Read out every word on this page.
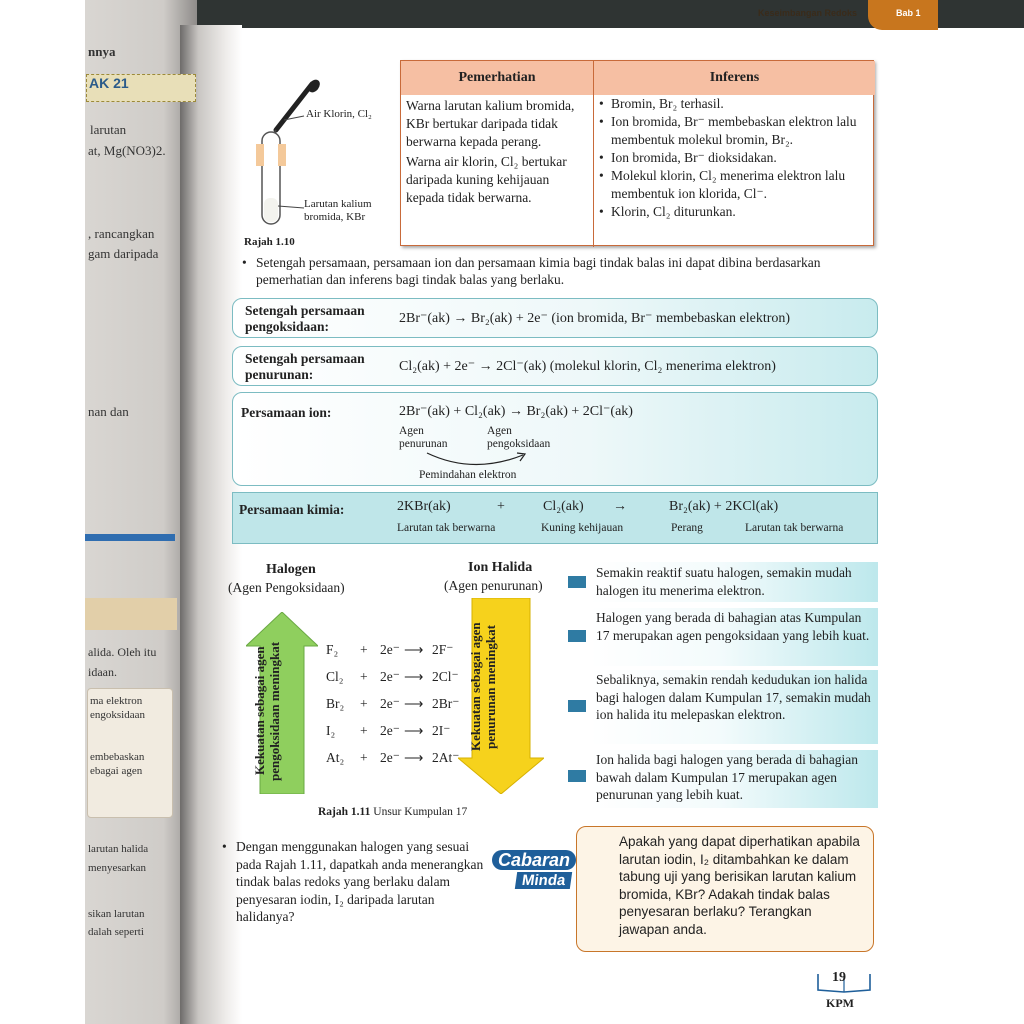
nnya
AK 21
larutan
at, Mg(NO3)2.
, rancangkan
gam daripada
nan dan
alida. Oleh itu
idaan.
ma elektron
engoksidaan
embebaskan
ebagai agen
larutan halida
menyesarkan
sikan larutan
dalah seperti
Keseimbangan Redoks	Bab 1
Air Klorin, Cl₂
Larutan kalium bromida, KBr
Rajah 1.10
Pemerhatian	Inferens
Warna larutan kalium bromida, KBr bertukar daripada tidak berwarna kepada perang.
Warna air klorin, Cl₂ bertukar daripada kuning kehijauan kepada tidak berwarna.
• Bromin, Br₂ terhasil.
• Ion bromida, Br⁻ membebaskan elektron lalu membentuk molekul bromin, Br₂.
• Ion bromida, Br⁻ dioksidakan.
• Molekul klorin, Cl₂ menerima elektron lalu membentuk ion klorida, Cl⁻.
• Klorin, Cl₂ diturunkan.
• Setengah persamaan, persamaan ion dan persamaan kimia bagi tindak balas ini dapat dibina berdasarkan pemerhatian dan inferens bagi tindak balas yang berlaku.
Setengah persamaan pengoksidaan:
2Br⁻(ak) → Br₂(ak) + 2e⁻ (ion bromida, Br⁻ membebaskan elektron)
Setengah persamaan penurunan:
Cl₂(ak) + 2e⁻ → 2Cl⁻(ak) (molekul klorin, Cl₂ menerima elektron)
Persamaan ion:	2Br⁻(ak) + Cl₂(ak) → Br₂(ak) + 2Cl⁻(ak)
Agen penurunan
Agen pengoksidaan
Pemindahan elektron
Persamaan kimia:	2KBr(ak)	+	Cl₂(ak) →	Br₂(ak) + 2KCl(ak)
Larutan tak berwarna	Kuning kehijauan	Perang	Larutan tak berwarna
Halogen
(Agen Pengoksidaan)
Ion Halida
(Agen penurunan)
Kekuatan sebagai agen pengoksidaan meningkat	Kekuatan sebagai agen penurunan meningkat
F₂ + 2e⁻ ⟶ 2F⁻
Cl₂ + 2e⁻ ⟶ 2Cl⁻
Br₂ + 2e⁻ ⟶ 2Br⁻
I₂ + 2e⁻ ⟶ 2I⁻
At₂ + 2e⁻ ⟶ 2At⁻
Rajah 1.11 Unsur Kumpulan 17
Semakin reaktif suatu halogen, semakin mudah halogen itu menerima elektron.
Halogen yang berada di bahagian atas Kumpulan 17 merupakan agen pengoksidaan yang lebih kuat.
Sebaliknya, semakin rendah kedudukan ion halida bagi halogen dalam Kumpulan 17, semakin mudah ion halida itu melepaskan elektron.
Ion halida bagi halogen yang berada di bahagian bawah dalam Kumpulan 17 merupakan agen penurunan yang lebih kuat.
• Dengan menggunakan halogen yang sesuai pada Rajah 1.11, dapatkah anda menerangkan tindak balas redoks yang berlaku dalam penyesaran iodin, I₂ daripada larutan halidanya?
Apakah yang dapat diperhatikan apabila larutan iodin, I₂ ditambahkan ke dalam tabung uji yang berisikan larutan kalium bromida, KBr? Adakah tindak balas penyesaran berlaku? Terangkan jawapan anda.
Cabaran
Minda
19
KPM
